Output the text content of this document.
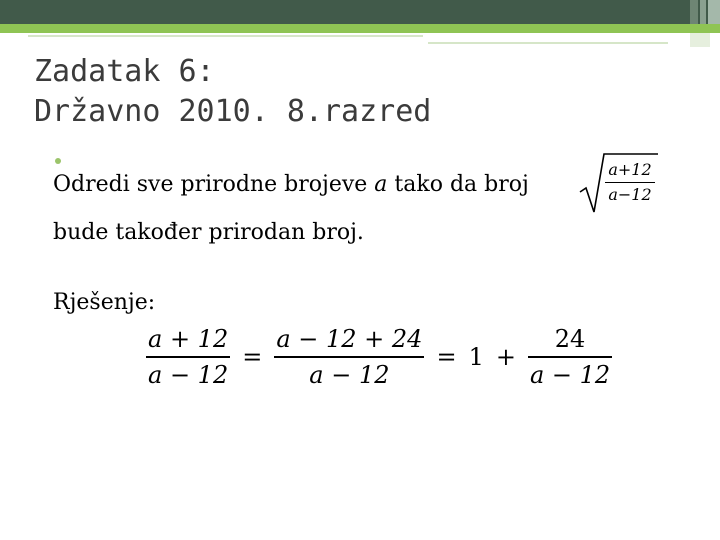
Zadatak 6:
Državno 2010. 8.razred
Odredi sve prirodne brojeve a tako da broj
a+12
a−12
bude također prirodan broj.
Rješenje:
$\frac{a + 12}{a - 12} = \frac{a - 12 + 24}{a - 12} = 1 + \frac{24}{a - 12}$
